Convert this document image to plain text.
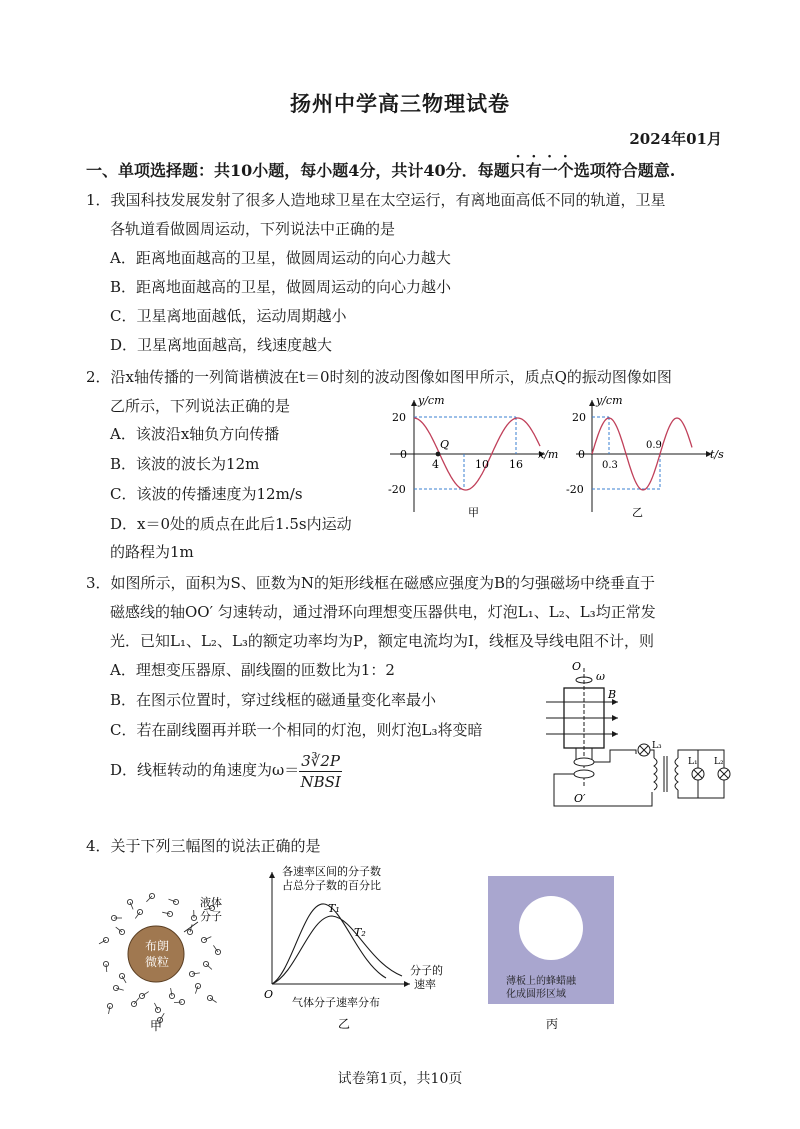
扬州中学高三物理试卷
2024年01月
一、单项选择题：共10小题，每小题4分，共计40分．每题· · · · 只有一个选项符合题意.
1．我国科技发展发射了很多人造地球卫星在太空运行，有离地面高低不同的轨道，卫星
各轨道看做圆周运动，下列说法中正确的是
A．距离地面越高的卫星，做圆周运动的向心力越大
B．距离地面越高的卫星，做圆周运动的向心力越小
C．卫星离地面越低，运动周期越小
D．卫星离地面越高，线速度越大
2．沿x轴传播的一列简谐横波在t＝0时刻的波动图像如图甲所示，质点Q的振动图像如图
乙所示，下列说法正确的是
A．该波沿x轴负方向传播
B．该波的波长为12m
C．该波的传播速度为12m/s
D．x＝0处的质点在此后1.5s内运动
的路程为1m
y/cm
20
-20
0
4	10 16
Q
x/m
甲
y/cm
20
-20
0
0.3
0.9
t/s
乙
3．如图所示，面积为S、匝数为N的矩形线框在磁感应强度为B的匀强磁场中绕垂直于
磁感线的轴OO′ 匀速转动，通过滑环向理想变压器供电，灯泡L₁、L₂、L₃均正常发
光．已知L₁、L₂、L₃的额定功率均为P，额定电流均为I，线框及导线电阻不计，则
A．理想变压器原、副线圈的匝数比为1：2
B．在图示位置时，穿过线框的磁通量变化率最小
C．若在副线圈再并联一个相同的灯泡，则灯泡L₃将变暗
D．线框转动的角速度为$\omega= \frac{3∛2P}{\text{NBSI}}$
O
ω
B
O′
L₃
L₁ L₂
4．关于下列三幅图的说法正确的是
布朗
微粒
液体
分子
甲
各速率区间的分子数
占总分子数的百分比
T₁
T₂
分子的
速率
O
气体分子速率分布
乙
薄板上的蜂蜡融
化成圆形区域
丙
试卷第1页，共10页
